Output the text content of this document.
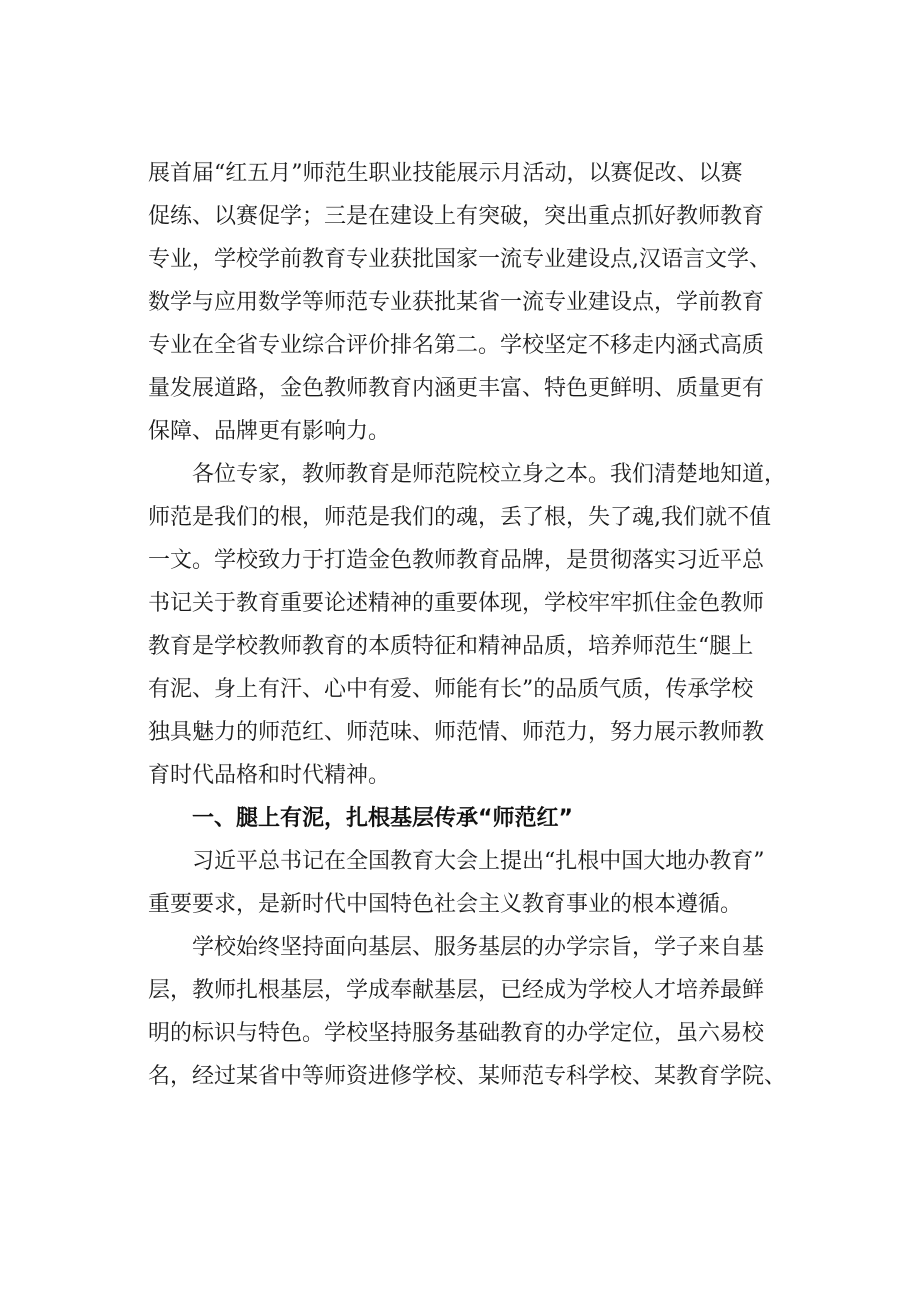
展首届“红五月”师范生职业技能展示月活动，以赛促改、以赛
促练、以赛促学；三是在建设上有突破，突出重点抓好教师教育
专业，学校学前教育专业获批国家一流专业建设点,汉语言文学、
数学与应用数学等师范专业获批某省一流专业建设点，学前教育
专业在全省专业综合评价排名第二。学校坚定不移走内涵式高质
量发展道路，金色教师教育内涵更丰富、特色更鲜明、质量更有
保障、品牌更有影响力。
　　各位专家，教师教育是师范院校立身之本。我们清楚地知道，
师范是我们的根，师范是我们的魂，丢了根，失了魂,我们就不值
一文。学校致力于打造金色教师教育品牌，是贯彻落实习近平总
书记关于教育重要论述精神的重要体现，学校牢牢抓住金色教师
教育是学校教师教育的本质特征和精神品质，培养师范生“腿上
有泥、身上有汗、心中有爱、师能有长”的品质气质，传承学校
独具魅力的师范红、师范味、师范情、师范力，努力展示教师教
育时代品格和时代精神。
　　一、腿上有泥，扎根基层传承“师范红”
　　习近平总书记在全国教育大会上提出“扎根中国大地办教育”
重要要求，是新时代中国特色社会主义教育事业的根本遵循。
　　学校始终坚持面向基层、服务基层的办学宗旨，学子来自基
层，教师扎根基层，学成奉献基层，已经成为学校人才培养最鲜
明的标识与特色。学校坚持服务基础教育的办学定位，虽六易校
名，经过某省中等师资进修学校、某师范专科学校、某教育学院、
